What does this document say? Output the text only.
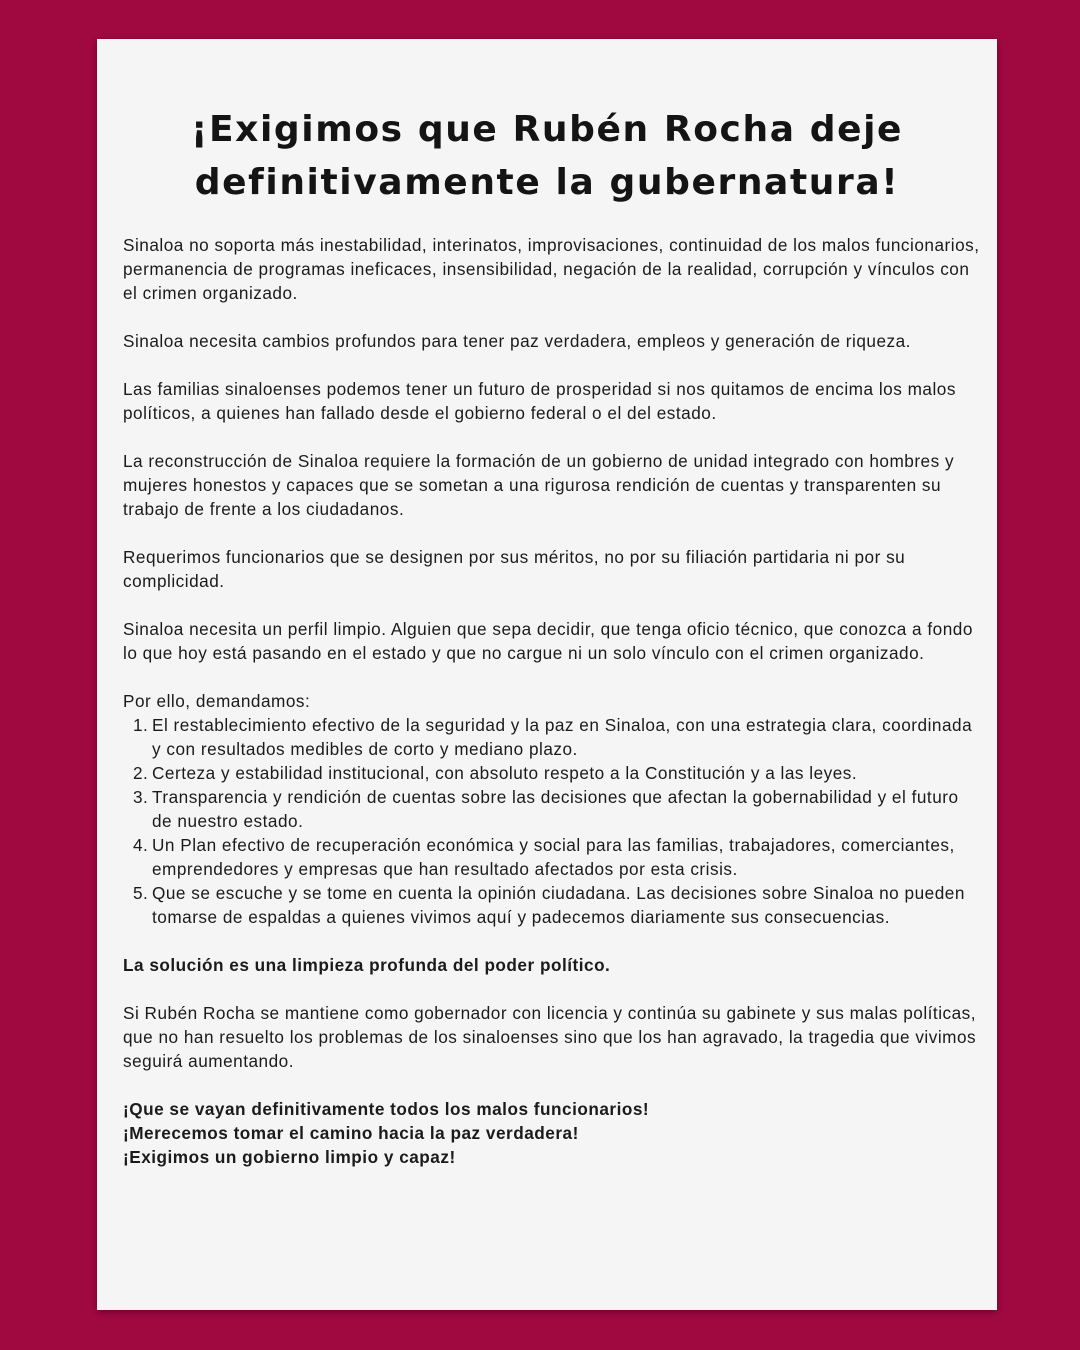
¡Exigimos que Rubén Rocha deje
definitivamente la gubernatura!

Sinaloa no soporta más inestabilidad, interinatos, improvisaciones, continuidad de los malos funcionarios, permanencia de programas ineficaces, insensibilidad, negación de la realidad, corrupción y vínculos con el crimen organizado.

Sinaloa necesita cambios profundos para tener paz verdadera, empleos y generación de riqueza.

Las familias sinaloenses podemos tener un futuro de prosperidad si nos quitamos de encima los malos políticos, a quienes han fallado desde el gobierno federal o el del estado.

La reconstrucción de Sinaloa requiere la formación de un gobierno de unidad integrado con hombres y mujeres honestos y capaces que se sometan a una rigurosa rendición de cuentas y transparenten su trabajo de frente a los ciudadanos.

Requerimos funcionarios que se designen por sus méritos, no por su filiación partidaria ni por su complicidad.

Sinaloa necesita un perfil limpio. Alguien que sepa decidir, que tenga oficio técnico, que conozca a fondo lo que hoy está pasando en el estado y que no cargue ni un solo vínculo con el crimen organizado.

Por ello, demandamos:

1. El restablecimiento efectivo de la seguridad y la paz en Sinaloa, con una estrategia clara, coordinada y con resultados medibles de corto y mediano plazo.
2. Certeza y estabilidad institucional, con absoluto respeto a la Constitución y a las leyes.
3. Transparencia y rendición de cuentas sobre las decisiones que afectan la gobernabilidad y el futuro de nuestro estado.
4. Un Plan efectivo de recuperación económica y social para las familias, trabajadores, comerciantes, emprendedores y empresas que han resultado afectados por esta crisis.
5. Que se escuche y se tome en cuenta la opinión ciudadana. Las decisiones sobre Sinaloa no pueden tomarse de espaldas a quienes vivimos aquí y padecemos diariamente sus consecuencias.

La solución es una limpieza profunda del poder político.

Si Rubén Rocha se mantiene como gobernador con licencia y continúa su gabinete y sus malas políticas, que no han resuelto los problemas de los sinaloenses sino que los han agravado, la tragedia que vivimos seguirá aumentando.

¡Que se vayan definitivamente todos los malos funcionarios!

¡Merecemos tomar el camino hacia la paz verdadera!

¡Exigimos un gobierno limpio y capaz!
